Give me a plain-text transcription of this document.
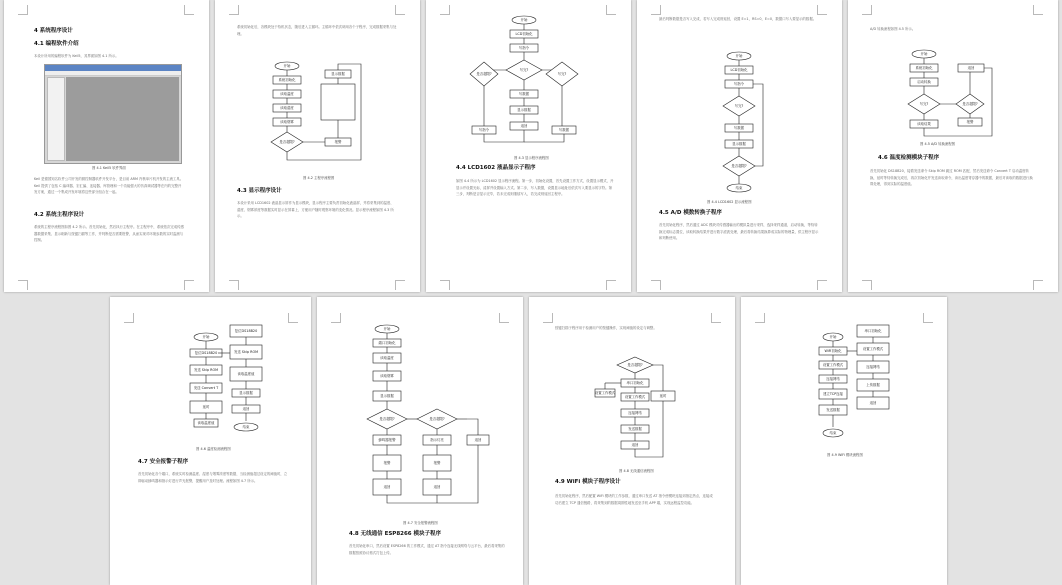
4 系统程序设计
4.1 编程软件介绍
本设计所用的编程软件为 Keil5，其界面如图 4.1 所示。
图 4.1 Keil5 软件界面
Keil 是德国知名软件公司开发的微控制器软件开发平台，是目前 ARM 内核单片机开发的主流工具。Keil 提供了包括 C 编译器、宏汇编、连接器、库管理和一个功能强大的仿真调试器等在内的完整开发方案，通过一个集成开发环境将这些部分组合在一起。
4.2 系统主程序设计
系统的主程序流程图如图 4.2 所示。首先初始化，然后执行主程序。在主程序中，系统依次完成传感器数据采集、显示刷新与按键扫描等工作，并判断是否需要报警，从而实现对环境参数的实时监测与控制。
系统初始化后，各模块处于待机状态，随后进入主循环。主循环中依次调用各个子程序，完成数据采集与处理。
开始
系统初始化
读取温度
读取湿度
读取烟雾
是否超限?	报警
显示数据
图 4.2 主程序流程图
4.3 显示程序设计
本设计采用 LCD1602 液晶显示屏作为显示模块，显示程序主要负责初始化液晶屏，并将采集到的温度、湿度、烟雾浓度等数据实时显示在屏幕上，方便用户随时观察环境的变化情况。显示程序流程如图 4.3 所示。
开始
LCD初始化
写指令
写完?
是否超限?	写完?
写数据
显示数据
返回
写指令	写数据
图 4.3 显示程序流程图
4.4 LCD1602 液晶显示子程序
如图 4.4 所示为 LCD1602 显示程序流程。第一步，初始化设置，首先设置工作方式，设置显示模式，开显示并设置光标，清屏并设置输入方式。第二步，写入数据，设置显示地址后依次写入要显示的字符。第三步，判断是否显示完毕，若未完成则继续写入，若完成则返回主程序。
最后判断数据是否写入完成，若写入完成则返回，设置 E=1，RS=0，E=0，数据口写入要显示的数据。
开始
LCD初始化
写指令
写完?
写数据
显示数据
是否超限?
结束
图 4.4 LCD1602 显示流程图
4.5 A/D 模数转换子程序
首先初始化程序，然后通过 ADC 模块对传感器输出的模拟量进行采样，选择采样通道，启动转换，等待转换完成标志置位，读取转换结果并进行数字滤波处理，最后将转换结果换算成实际的物理量，供主程序显示和判断使用。
A/D 转换流程如图 4.5 所示。
开始
系统初始化
启动转换
写完?
读取结果
是否超限?
报警
返回
图 4.5 A/D 转换流程图
4.6 温度检测模块子程序
首先初始化 DS18B20，接着发送命令 Skip ROM 跳过 ROM 匹配，然后发送命令 Convert T 启动温度转换，延时等待转换完成后，再次初始化并发送读取命令，读出温度寄存器中的数据，最后对读取的数据进行换算处理，得到实际的温度值。
开始
复位DS18B20
发送 Skip ROM
发送 Convert T
延时
读取温度值
复位DS18B20
发送 Skip ROM
读取温度值
显示数据
返回
结束
图 4.6 温度检测流程图
4.7 安全报警子程序
首先初始化各个端口，系统实时检测温度、湿度与烟雾浓度等数据，当检测值超过设定的阈值时，立即驱动蜂鸣器和指示灯进行声光报警，提醒用户及时处理。流程如图 4.7 所示。
开始
端口初始化
读取温度
读取烟雾
显示数据
是否超限?	是否超限?
蜂鸣器报警	指示灯亮
报警	报警
返回	返回
返回
图 4.7 安全报警流程图
4.8 无线通信 ESP8266 模块子程序
首先初始化串口，然后设置 ESP8266 的工作模式，通过 AT 指令连接无线网络与云平台，最后将采集的数据按照协议格式打包上传。
按键扫描子程序用于检测用户的按键操作，实现阈值的设定与调整。
是否超限?
串口初始化
设置工作模式
设置工作模式
连接网络
发送数据
返回
延时
图 4.8 无线通信流程图
4.9 WiFi 模块子程序设计
首先初始化程序，然后配置 WiFi 模块的工作参数，通过串口发送 AT 指令使模块连接到指定热点，连接成功后建立 TCP 通信链路，将采集到的数据周期性地发送至手机 APP 端，实现远程监控功能。
开始
WiFi初始化
设置工作模式
连接网络
建立TCP连接
发送数据
串口初始化
设置工作模式
连接网络
上传数据
返回
结束
图 4.9 WiFi 模块流程图
